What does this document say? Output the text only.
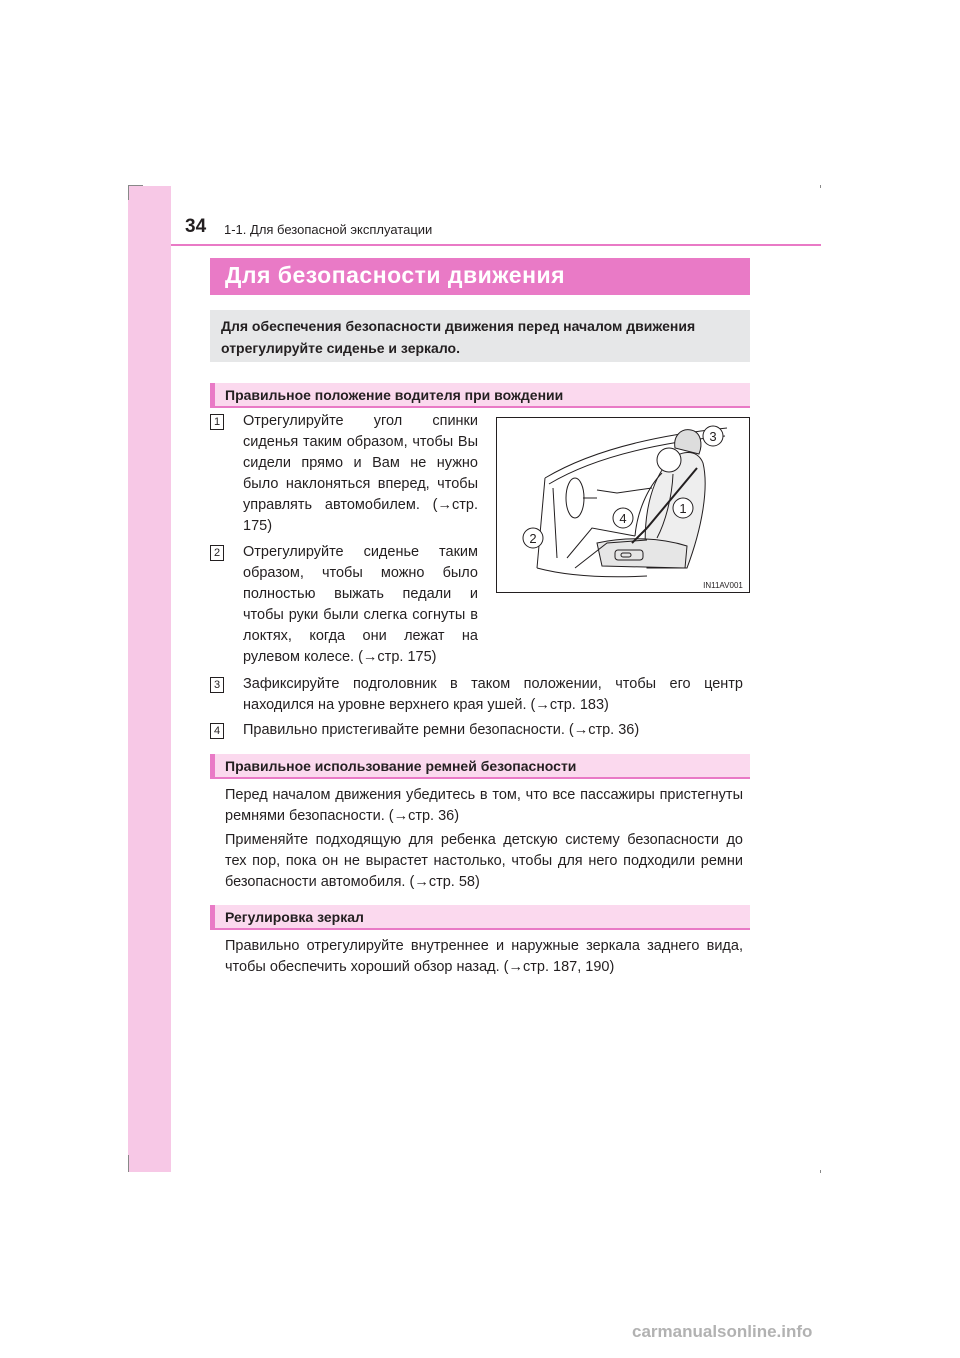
34 1-1. Для безопасной эксплуатации
Для безопасности движения
Для обеспечения безопасности движения перед началом движения отрегулируйте сиденье и зеркало.
Правильное положение водителя при вождении
1 Отрегулируйте угол спинки сиденья таким образом, чтобы Вы сидели прямо и Вам не нужно было наклоняться вперед, чтобы управлять автомобилем. (→стр. 175)
2 Отрегулируйте сиденье таким образом, чтобы можно было полностью выжать педали и чтобы руки были слегка согнуты в локтях, когда они лежат на рулевом колесе. (→стр. 175)
3
1
4
2
IN11AV001
3 Зафиксируйте подголовник в таком положении, чтобы его центр находился на уровне верхнего края ушей. (→стр. 183)
4 Правильно пристегивайте ремни безопасности. (→стр. 36)
Правильное использование ремней безопасности
Перед началом движения убедитесь в том, что все пассажиры пристегнуты ремнями безопасности. (→стр. 36)
Применяйте подходящую для ребенка детскую систему безопасности до тех пор, пока он не вырастет настолько, чтобы для него подходили ремни безопасности автомобиля. (→стр. 58)
Регулировка зеркал
Правильно отрегулируйте внутреннее и наружные зеркала заднего вида, чтобы обеспечить хороший обзор назад. (→стр. 187, 190)
carmanualsonline.info
